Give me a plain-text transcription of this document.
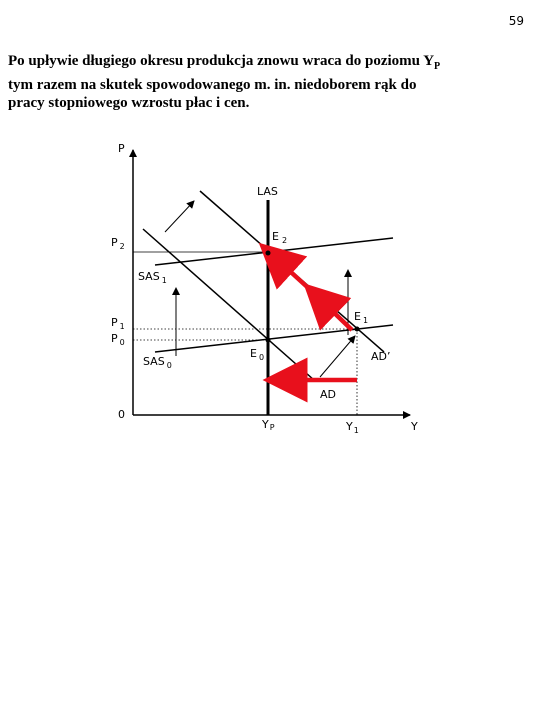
59
Po upływie długiego okresu produkcja znowu wraca do poziomu $Y_P$
tym razem na skutek spowodowanego m. in. niedoborem rąk do
pracy stopniowego wzrostu płac i cen.
P
Y
0
LAS
P $_2$
P $_1$
P $_0$
SAS $_1$
SAS $_0$
E $_2$
E $_1$
E $_0$
AD
AD’
YP	$Y_1$
